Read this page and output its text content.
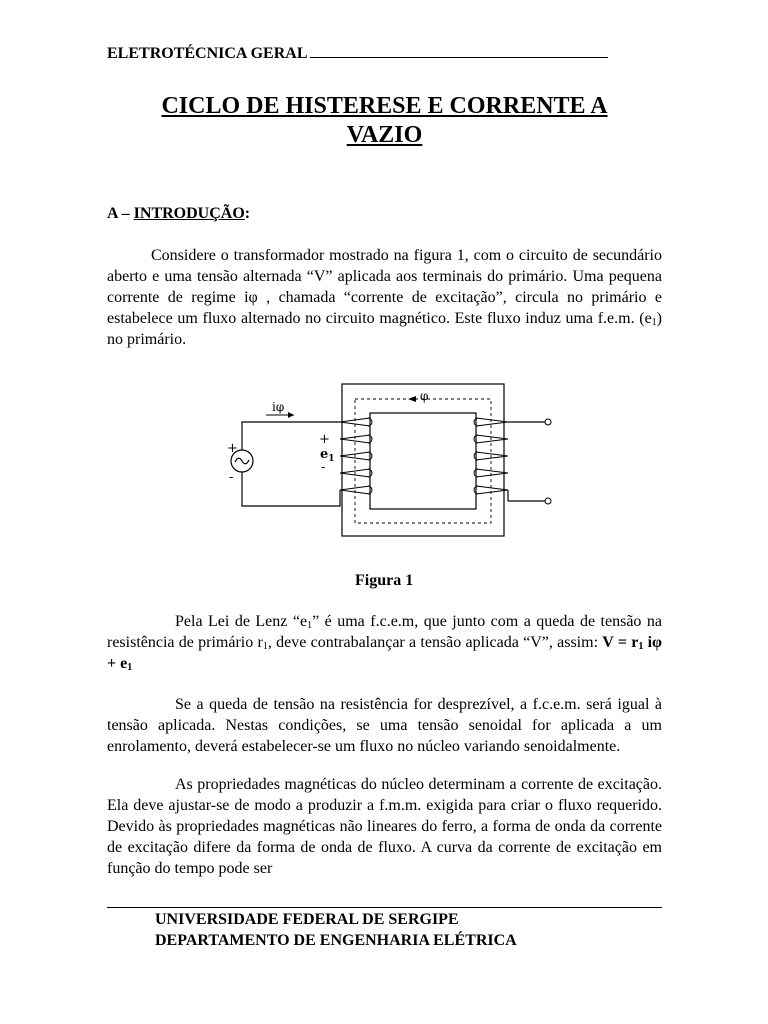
ELETROTÉCNICA GERAL
CICLO DE HISTERESE E CORRENTE A
VAZIO
A – INTRODUÇÃO:

Considere o transformador mostrado na figura 1, com o circuito de secundário aberto e uma tensão alternada “V” aplicada aos terminais do primário. Uma pequena corrente de regime iφ , chamada “corrente de excitação”, circula no primário e estabelece um fluxo alternado no circuito magnético. Este fluxo induz uma f.e.m. $(e_1)$ no primário.

φ
+
-
iφ
+
$e_1$
-
Figura 1

Pela Lei de Lenz “$e_1$” é uma f.c.e.m, que junto com a queda de tensão na resistência de primário $r_1$, deve contrabalançar a tensão aplicada “V”, assim: $V = r_1$ $i\varphi + e_1$

Se a queda de tensão na resistência for desprezível, a f.c.e.m. será igual à tensão aplicada. Nestas condições, se uma tensão senoidal for aplicada a um enrolamento, deverá estabelecer-se um fluxo no núcleo variando senoidalmente.

As propriedades magnéticas do núcleo determinam a corrente de excitação. Ela deve ajustar-se de modo a produzir a f.m.m. exigida para criar o fluxo requerido. Devido às propriedades magnéticas não lineares do ferro, a forma de onda da corrente de excitação difere da forma de onda de fluxo. A curva da corrente de excitação em função do tempo pode ser

UNIVERSIDADE FEDERAL DE SERGIPE
DEPARTAMENTO DE ENGENHARIA ELÉTRICA
